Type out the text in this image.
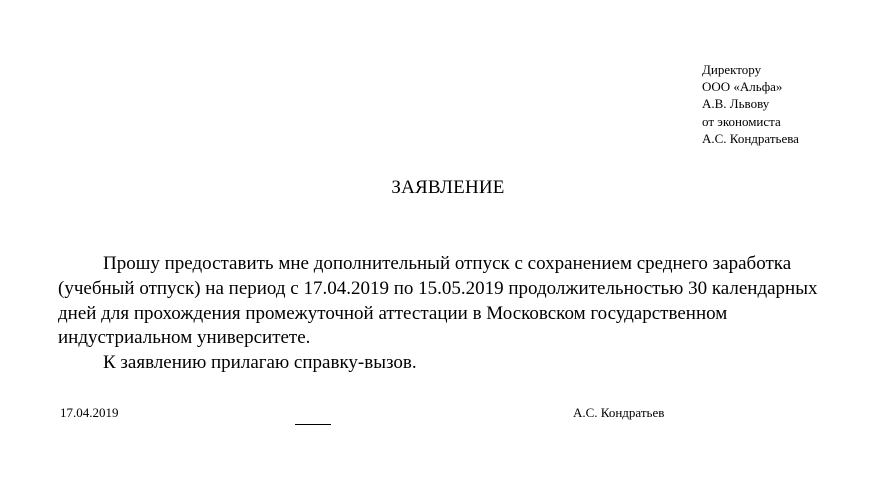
Директору
ООО «Альфа»
А.В. Львову
от экономиста
А.С. Кондратьева
ЗАЯВЛЕНИЕ

Прошу предоставить мне дополнительный отпуск с сохранением среднего заработка (учебный отпуск) на период с 17.04.2019 по 15.05.2019 продолжительностью 30 календарных дней для прохождения промежуточной аттестации в Московском государственном индустриальном университете.

К заявлению прилагаю справку-вызов.

17.04.2019	А.С. Кондратьев
